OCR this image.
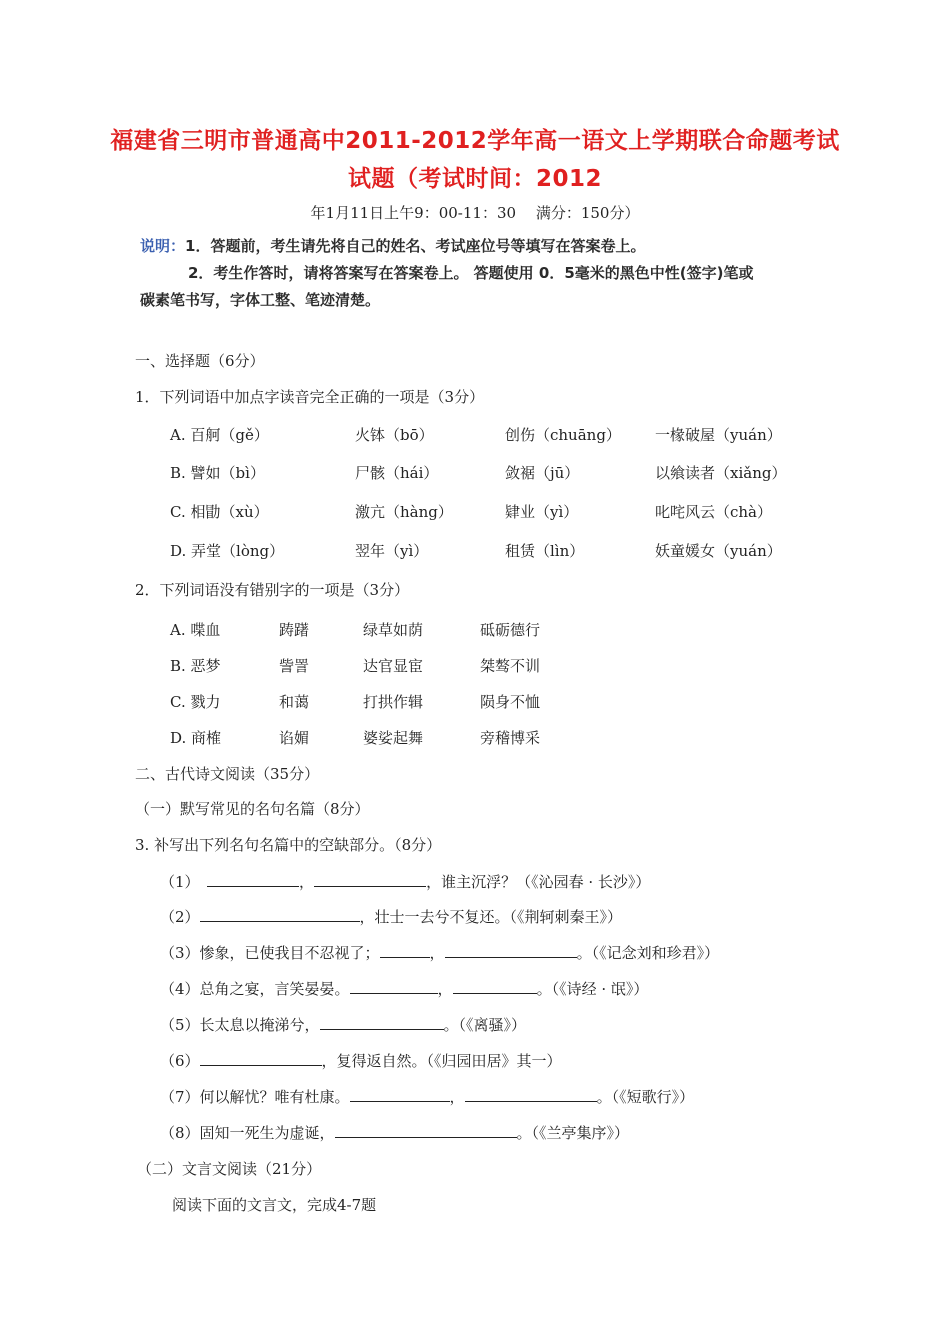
福建省三明市普通高中2011-2012学年高一语文上学期联合命题考试
试题（考试时间：2012
年1月11日上午9：00-11：30　 满分：150分）
说明：1．答题前，考生请先将自己的姓名、考试座位号等填写在答案卷上。
2．考生作答时，请将答案写在答案卷上。 答题使用 0．5毫米的黑色中性(签字)笔或
碳素笔书写，字体工整、笔迹清楚。
一、选择题（6分）
1．下列词语中加点字读音完全正确的一项是（3分）
A. 百舸（gě）	火钵（bō）	创伤（chuāng） 一椽破屋（yuán）
B. 譬如（bì）	尸骸（hái）	敛裾（jū）	以飨读者（xiǎng）
C. 相勖（xù）	激亢（hàng）	肄业（yì）	叱咤风云（chà）
D. 弄堂（lòng）	翌年（yì）	租赁（lìn）	妖童媛女（yuán）
2．下列词语没有错别字的一项是（3分）
A. 喋血	踌躇	绿草如荫	砥砺德行
B. 恶梦	訾詈	达官显宦	桀骜不训
C. 戮力	和蔼	打拱作辑	陨身不恤
D. 商榷	谄媚	婆娑起舞	旁稽博采
二、古代诗文阅读（35分）
（一）默写常见的名句名篇（8分）
3. 补写出下列名句名篇中的空缺部分。（8分）
（1）　	，	，谁主沉浮？（《沁园春 · 长沙》）
（2）	，壮士一去兮不复还。（《荆轲刺秦王》）
（3）惨象，已使我目不忍视了；	，	。（《记念刘和珍君》）
（4）总角之宴，言笑晏晏。	，	。（《诗经 · 氓》）
（5）长太息以掩涕兮，	。（《离骚》）
（6）	，复得返自然。（《归园田居》其一）
（7）何以解忧？唯有杜康。	，	。（《短歌行》）
（8）固知一死生为虚诞，	。（《兰亭集序》）
（二）文言文阅读（21分）
阅读下面的文言文，完成4-7题
